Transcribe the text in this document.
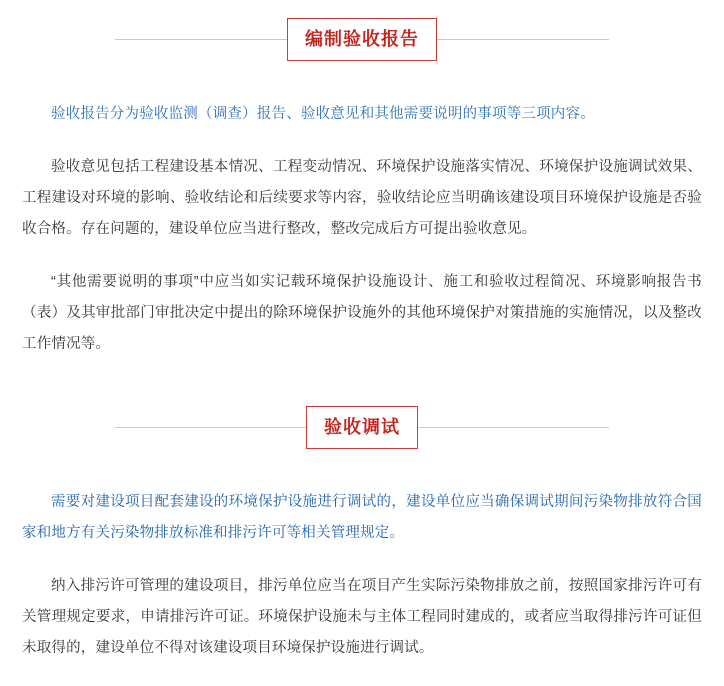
编制验收报告

验收报告分为验收监测（调查）报告、验收意见和其他需要说明的事项等三项内容。

验收意见包括工程建设基本情况、工程变动情况、环境保护设施落实情况、环境保护设施调试效果、工程建设对环境的影响、验收结论和后续要求等内容，验收结论应当明确该建设项目环境保护设施是否验收合格。存在问题的，建设单位应当进行整改，整改完成后方可提出验收意见。

“其他需要说明的事项”中应当如实记载环境保护设施设计、施工和验收过程简况、环境影响报告书（表）及其审批部门审批决定中提出的除环境保护设施外的其他环境保护对策措施的实施情况，以及整改工作情况等。

验收调试

需要对建设项目配套建设的环境保护设施进行调试的，建设单位应当确保调试期间污染物排放符合国家和地方有关污染物排放标准和排污许可等相关管理规定。

纳入排污许可管理的建设项目，排污单位应当在项目产生实际污染物排放之前，按照国家排污许可有关管理规定要求，申请排污许可证。环境保护设施未与主体工程同时建成的，或者应当取得排污许可证但未取得的，建设单位不得对该建设项目环境保护设施进行调试。
